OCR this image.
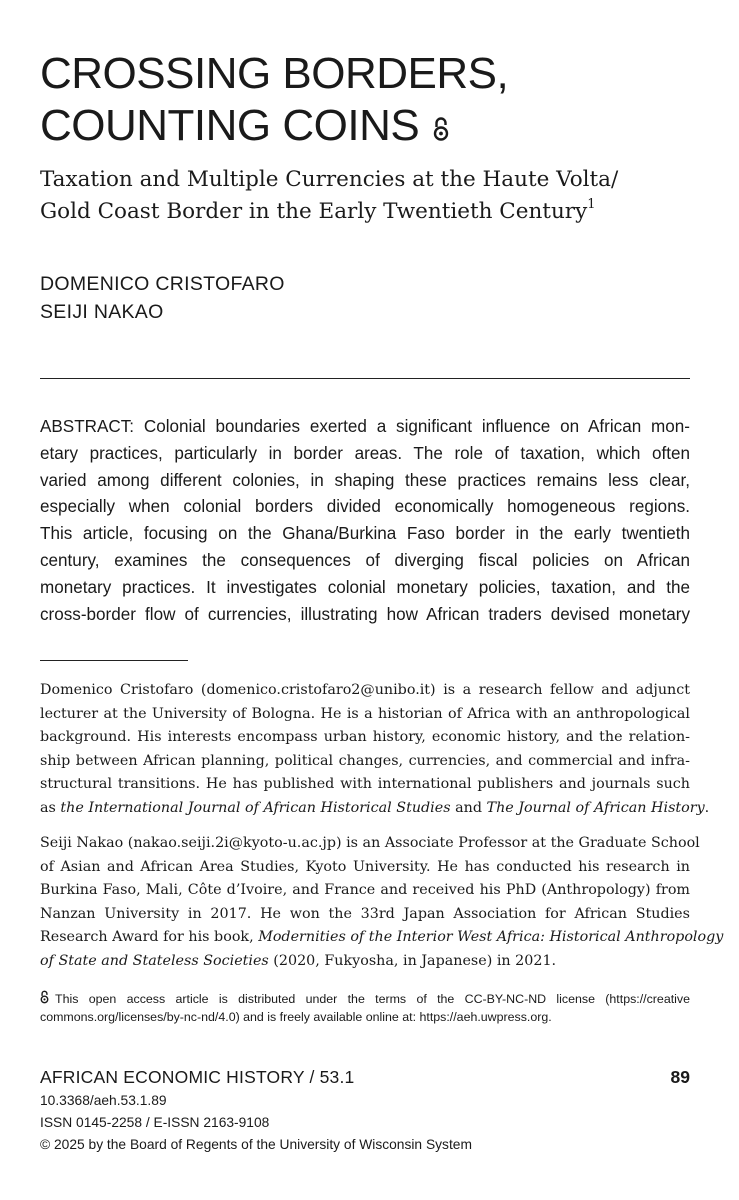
CROSSING BORDERS,
COUNTING COINS
Taxation and Multiple Currencies at the Haute Volta/
Gold Coast Border in the Early Twentieth Century$^1$
DOMENICO CRISTOFARO
SEIJI NAKAO
ABSTRACT: Colonial boundaries exerted a significant influence on African mon-
etary practices, particularly in border areas. The role of taxation, which often
varied among different colonies, in shaping these practices remains less clear,
especially when colonial borders divided economically homogeneous regions.
This article, focusing on the Ghana/Burkina Faso border in the early twentieth
century, examines the consequences of diverging fiscal policies on African
monetary practices. It investigates colonial monetary policies, taxation, and the
cross-border flow of currencies, illustrating how African traders devised monetary
Domenico Cristofaro (domenico.cristofaro2@unibo.it) is a research fellow and adjunct
lecturer at the University of Bologna. He is a historian of Africa with an anthropological
background. His interests encompass urban history, economic history, and the relation-
ship between African planning, political changes, currencies, and commercial and infra-
structural transitions. He has published with international publishers and journals such
as the International Journal of African Historical Studies and The Journal of African History.
Seiji Nakao (nakao.seiji.2i@kyoto-u.ac.jp) is an Associate Professor at the Graduate School
of Asian and African Area Studies, Kyoto University. He has conducted his research in
Burkina Faso, Mali, Côte d’Ivoire, and France and received his PhD (Anthropology) from
Nanzan University in 2017. He won the 33rd Japan Association for African Studies
Research Award for his book, Modernities of the Interior West Africa: Historical Anthropology
of State and Stateless Societies (2020, Fukyosha, in Japanese) in 2021.
This open access article is distributed under the terms of the CC-BY-NC-ND license (https://creative
commons.org/licenses/by-nc-nd/4.0) and is freely available online at: https://aeh.uwpress.org.
AFRICAN ECONOMIC HISTORY / 53.1	89
10.3368/aeh.53.1.89
ISSN 0145-2258 / E-ISSN 2163-9108
© 2025 by the Board of Regents of the University of Wisconsin System
